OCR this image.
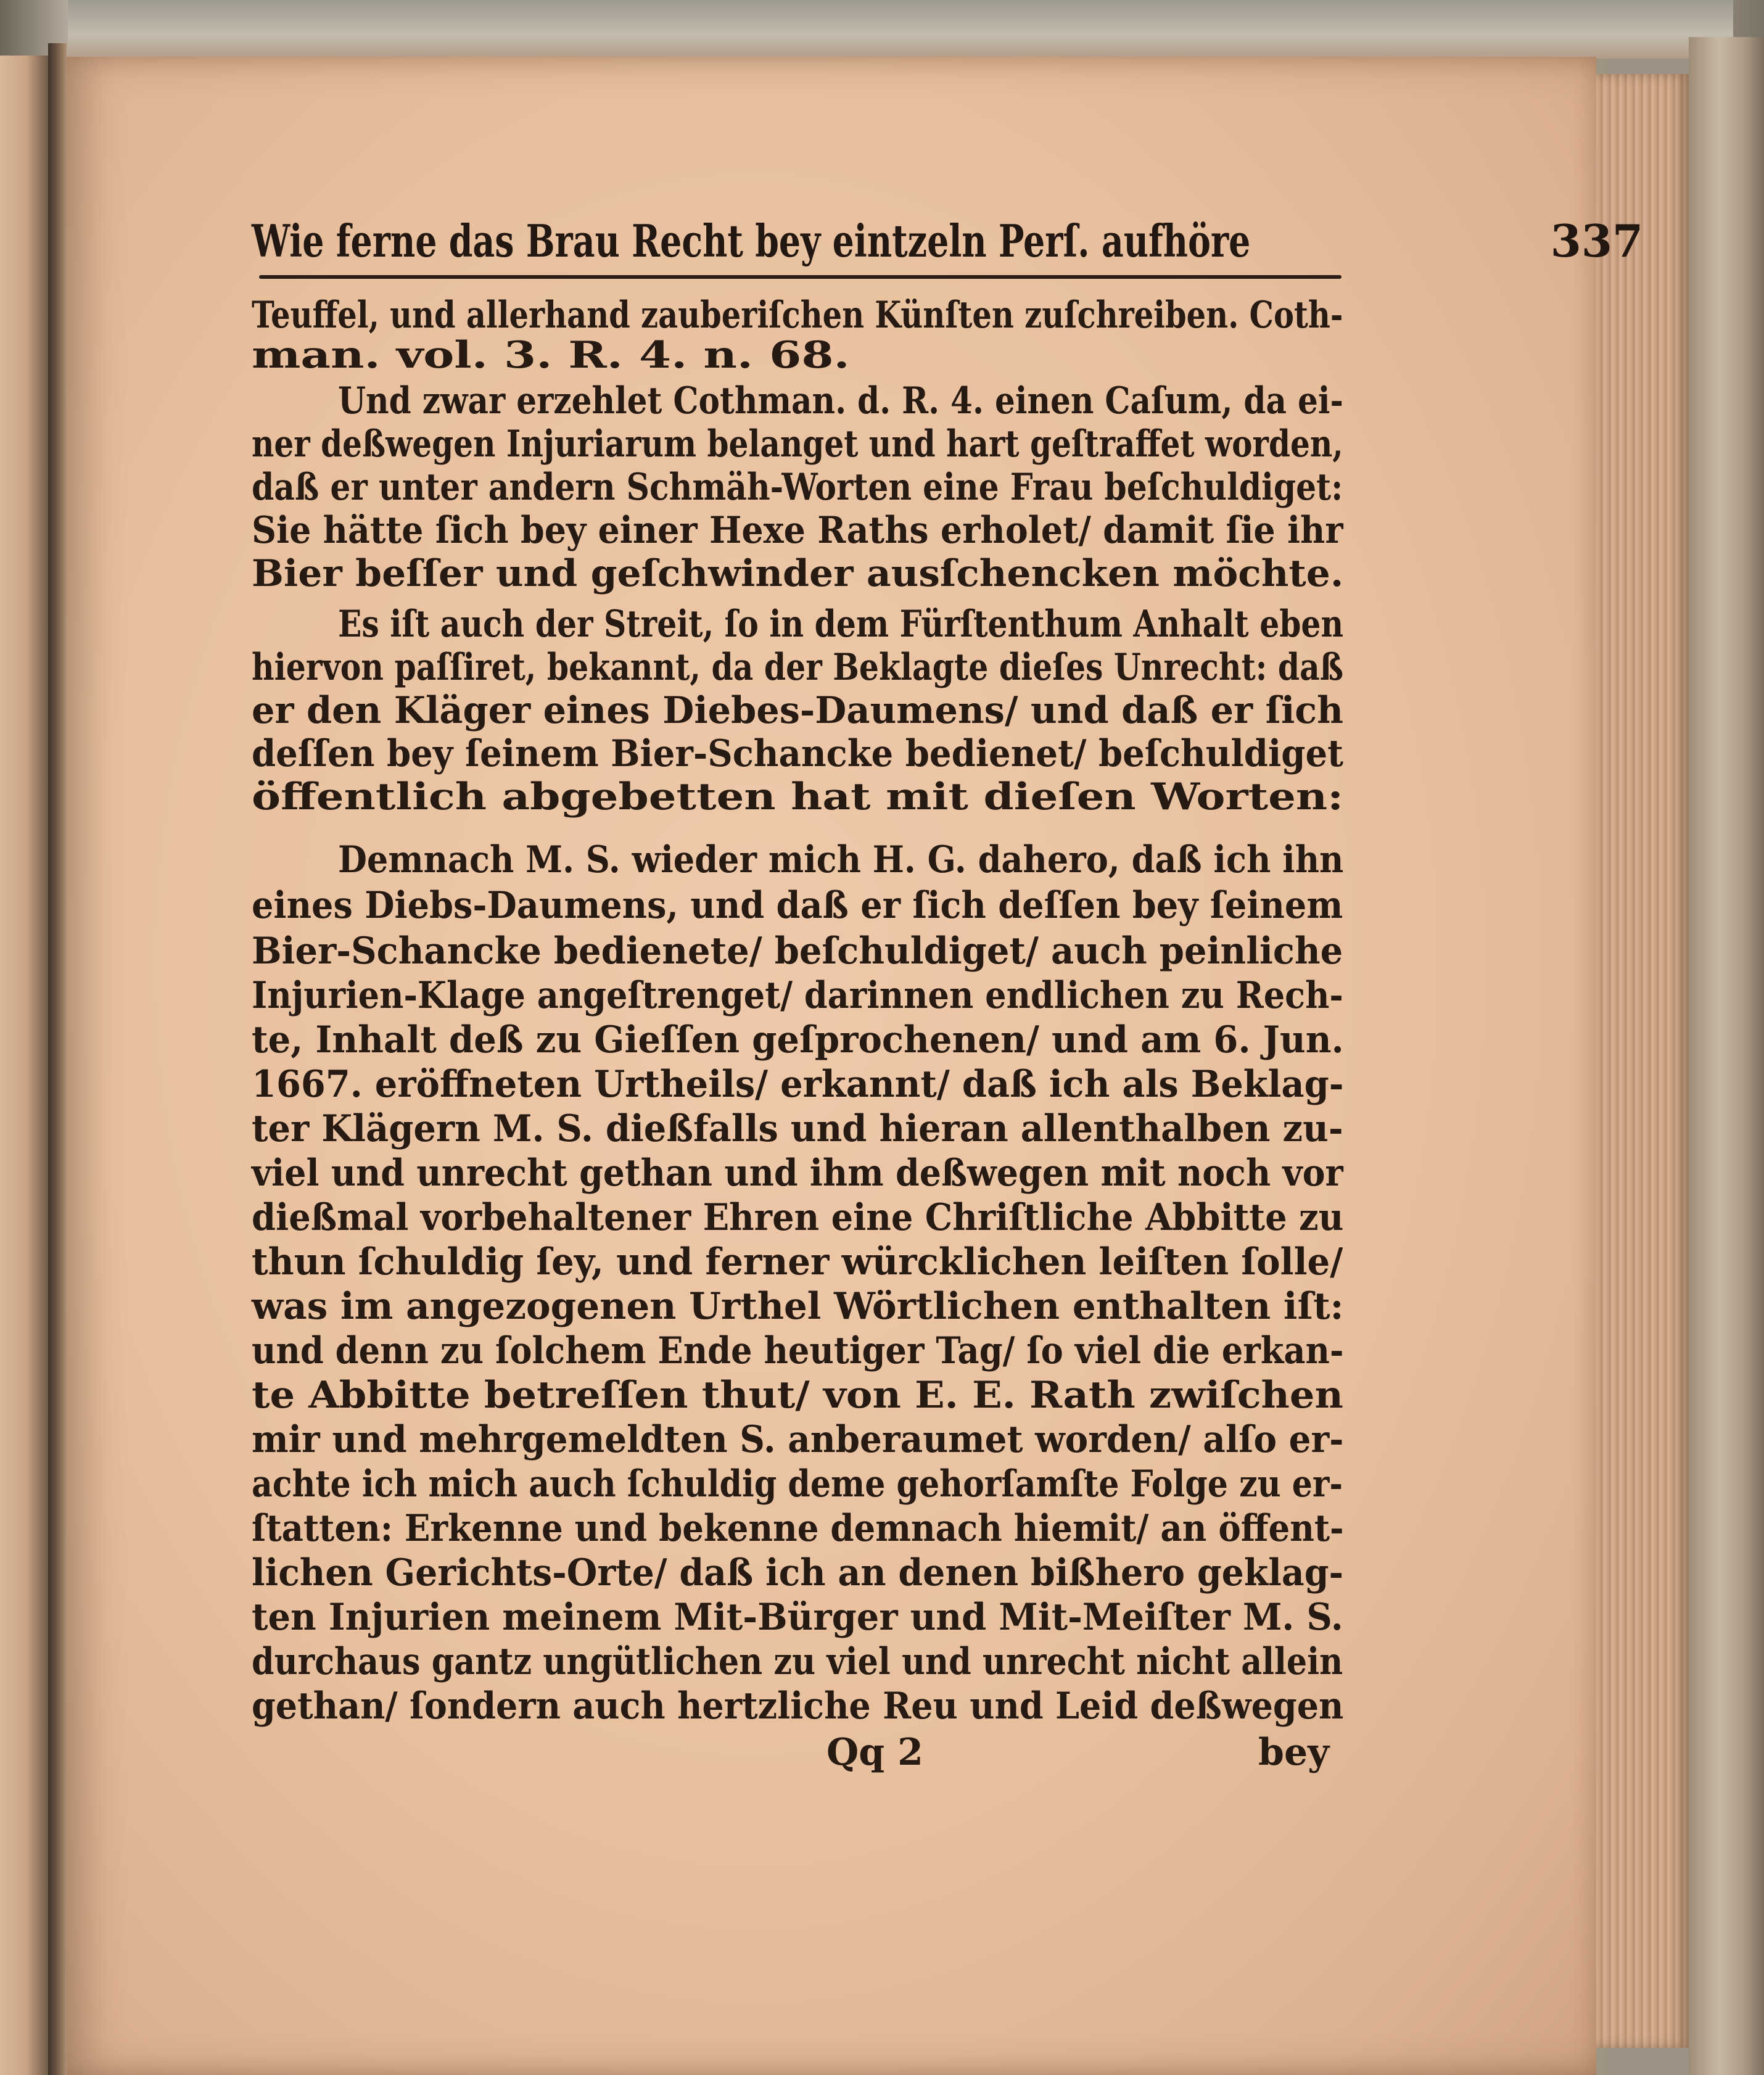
Wie ferne das Brau Recht bey eintzeln Perſ. aufhöre	337
Teuffel, und allerhand zauberiſchen Künſten zuſchreiben. Coth-
man. vol. 3. R. 4. n. 68.
Und zwar erzehlet Cothman. d. R. 4. einen Caſum, da ei-
ner deßwegen Injuriarum belanget und hart geſtraffet worden,
daß er unter andern Schmäh-Worten eine Frau beſchuldiget:
Sie hätte ſich bey einer Hexe Raths erholet/ damit ſie ihr
Bier beſſer und geſchwinder ausſchencken möchte.
Es iſt auch der Streit, ſo in dem Fürſtenthum Anhalt eben
hiervon paſſiret, bekannt, da der Beklagte dieſes Unrecht: daß
er den Kläger eines Diebes-Daumens/ und daß er ſich
deſſen bey ſeinem Bier-Schancke bedienet/ beſchuldiget
öffentlich abgebetten hat mit dieſen Worten:
Demnach M. S. wieder mich H. G. dahero, daß ich ihn
eines Diebs-Daumens, und daß er ſich deſſen bey ſeinem
Bier-Schancke bedienete/ beſchuldiget/ auch peinliche
Injurien-Klage angeſtrenget/ darinnen endlichen zu Rech-
te, Inhalt deß zu Gieſſen geſprochenen/ und am 6. Jun.
1667. eröffneten Urtheils/ erkannt/ daß ich als Beklag-
ter Klägern M. S. dießfalls und hieran allenthalben zu-
viel und unrecht gethan und ihm deßwegen mit noch vor
dießmal vorbehaltener Ehren eine Chriſtliche Abbitte zu
thun ſchuldig ſey, und ferner würcklichen leiſten ſolle/
was im angezogenen Urthel Wörtlichen enthalten iſt:
und denn zu ſolchem Ende heutiger Tag/ ſo viel die erkan-
te Abbitte betreſſen thut/ von E. E. Rath zwiſchen
mir und mehrgemeldten S. anberaumet worden/ alſo er-
achte ich mich auch ſchuldig deme gehorſamſte Folge zu er-
ſtatten: Erkenne und bekenne demnach hiemit/ an öffent-
lichen Gerichts-Orte/ daß ich an denen bißhero geklag-
ten Injurien meinem Mit-Bürger und Mit-Meiſter M. S.
durchaus gantz ungütlichen zu viel und unrecht nicht allein
gethan/ ſondern auch hertzliche Reu und Leid deßwegen
Qq 2	bey
